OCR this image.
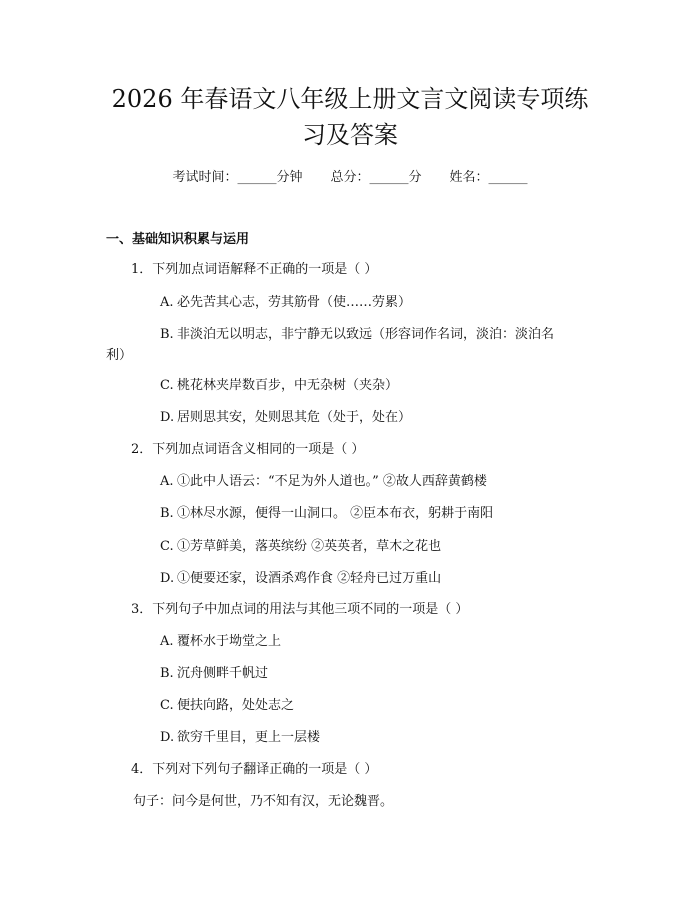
2026 年春语文八年级上册文言文阅读专项练
习及答案
考试时间：______分钟 总分：______分 姓名：______
一、基础知识积累与运用
1．下列加点词语解释不正确的一项是（ ）
A. 必先苦其心志，劳其筋骨（使……劳累）
B. 非淡泊无以明志，非宁静无以致远（形容词作名词，淡泊：淡泊名
利）
C. 桃花林夹岸数百步，中无杂树（夹杂）
D. 居则思其安，处则思其危（处于，处在）
2．下列加点词语含义相同的一项是（ ）
A. ①此中人语云：“不足为外人道也。” ②故人西辞黄鹤楼
B. ①林尽水源，便得一山洞口。 ②臣本布衣，躬耕于南阳
C. ①芳草鲜美，落英缤纷 ②英英者，草木之花也
D. ①便要还家，设酒杀鸡作食 ②轻舟已过万重山
3．下列句子中加点词的用法与其他三项不同的一项是（ ）
A. 覆杯水于坳堂之上
B. 沉舟侧畔千帆过
C. 便扶向路，处处志之
D. 欲穷千里目，更上一层楼
4．下列对下列句子翻译正确的一项是（ ）
句子：问今是何世，乃不知有汉，无论魏晋。
